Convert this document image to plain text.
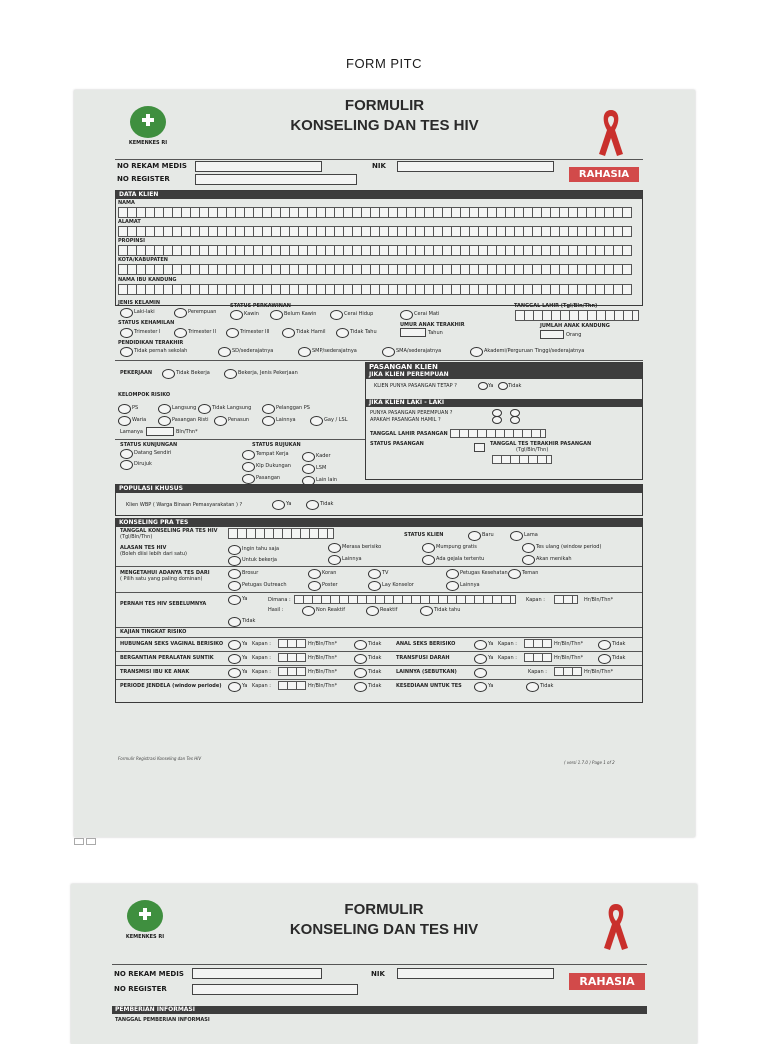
FORM PITC
KEMENKES RI
FORMULIR
KONSELING DAN TES HIV
NO REKAM MEDIS	NIK
NO REGISTER	RAHASIA
DATA KLIEN
NAMA
ALAMAT
PROPINSI
KOTA/KABUPATEN
NAMA IBU KANDUNG
JENIS KELAMIN
Laki-laki	Perempuan
STATUS PERKAWINAN
Kawin	Belum Kawin	Cerai Hidup	Cerai Mati
TANGGAL LAHIR (Tgl/Bln/Thn)
STATUS KEHAMILAN
Trimester I	Trimester II	Trimester III	Tidak Hamil	Tidak Tahu
UMUR ANAK TERAKHIR
Tahun
JUMLAH ANAK KANDUNG
Orang
PENDIDIKAN TERAKHIR
Tidak pernah sekolah	SD/sederajatnya	SMP/sederajatnya	SMA/sederajatnya	Akademi/Perguruan Tinggi/sederajatnya
PEKERJAAN	Tidak Bekerja	Bekerja, Jenis Pekerjaan
PASANGAN KLIEN
JIKA KLIEN PEREMPUAN
KLIEN PUNYA PASANGAN TETAP ?	Ya	Tidak
JIKA KLIEN LAKI - LAKI
PUNYA PASANGAN PEREMPUAN ?
APAKAH PASANGAN HAMIL ?
TANGGAL LAHIR PASANGAN
STATUS PASANGAN	TANGGAL TES TERAKHIR PASANGAN
(Tgl/Bln/Thn)
KELOMPOK RISIKO
PS	Langsung	Tidak Langsung	Pelanggan PS
Waria	Pasangan Risti	Penasun	Lainnya	Gay / LSL
Lamanya	Bln/Thn*
STATUS KUNJUNGAN
Datang Sendiri
Dirujuk
STATUS RUJUKAN
Tempat Kerja	Kader
Klp Dukungan	LSM
Pasangan	Lain lain
POPULASI KHUSUS
Klien WBP ( Warga Binaan Pemasyarakatan ) ?	Ya	Tidak
KONSELING PRA TES
TANGGAL KONSELING PRA TES HIV
(Tgl/Bln/Thn)	STATUS KLIEN	Baru	Lama
ALASAN TES HIV
(Boleh diisi lebih dari satu)
Ingin tahu saja	Merasa berisiko	Mumpung gratis	Tes ulang (window period)
Untuk bekerja	Lainnya	Ada gejala tertentu	Akan menikah
MENGETAHUI ADANYA TES DARI
( Pilih satu yang paling dominan)
Brosur	Koran	TV	Petugas Kesehatan	Teman
Petugas Outreach	Poster	Lay Konselor	Lainnya
PERNAH TES HIV SEBELUMNYA
Ya	Dimana :	Kapan :	Hr/Bln/Thn*
Hasil :	Non Reaktif	Reaktif	Tidak tahu
Tidak
KAJIAN TINGKAT RISIKO
HUBUNGAN SEKS VAGINAL BERISIKO	Ya Kapan :	Hr/Bln/Thn*	Tidak	ANAL SEKS BERISIKO	Ya Kapan :	Hr/Bln/Thn*	Tidak
BERGANTIAN PERALATAN SUNTIK	Ya Kapan :	Hr/Bln/Thn*	Tidak	TRANSFUSI DARAH	Ya Kapan :	Hr/Bln/Thn*	Tidak
TRANSMISI IBU KE ANAK	Ya Kapan :	Hr/Bln/Thn*	Tidak	LAINNYA (SEBUTKAN)	Kapan :	Hr/Bln/Thn*
PERIODE JENDELA (window periode)	Ya Kapan :	Hr/Bln/Thn*	Tidak	KESEDIAAN UNTUK TES	Ya	Tidak
Formulir Registrasi Konseling dan Tes HIV
( versi 1.7.0 ) Page 1 of 2
KEMENKES RI
FORMULIR
KONSELING DAN TES HIV
NO REKAM MEDIS	NIK
NO REGISTER
RAHASIA
PEMBERIAN INFORMASI
TANGGAL PEMBERIAN INFORMASI
